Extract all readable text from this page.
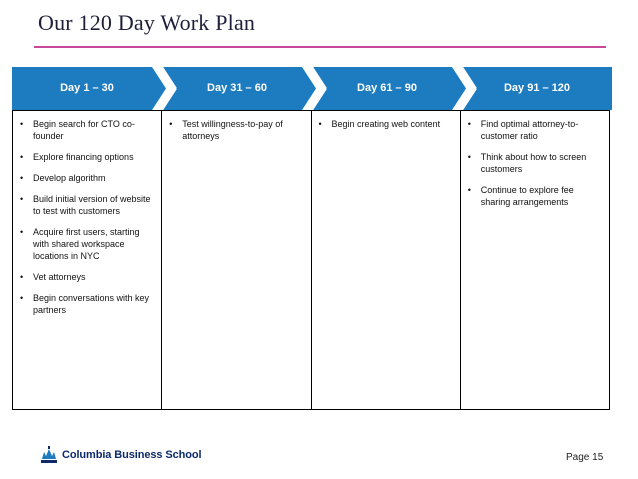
Our 120 Day Work Plan
Day 1 – 30	Day 31 – 60	Day 61 – 90	Day 91 – 120
• Begin search for CTO co-founder
• Explore financing options
• Develop algorithm
• Build initial version of website to test with customers
• Acquire first users, starting with shared workspace locations in NYC
• Vet attorneys
• Begin conversations with key partners
• Test willingness-to-pay of attorneys
• Begin creating web content
•	Find optimal attorney-to-customer ratio
• Think about how to screen customers
• Continue to explore fee sharing arrangements
Columbia Business School	Page 15
